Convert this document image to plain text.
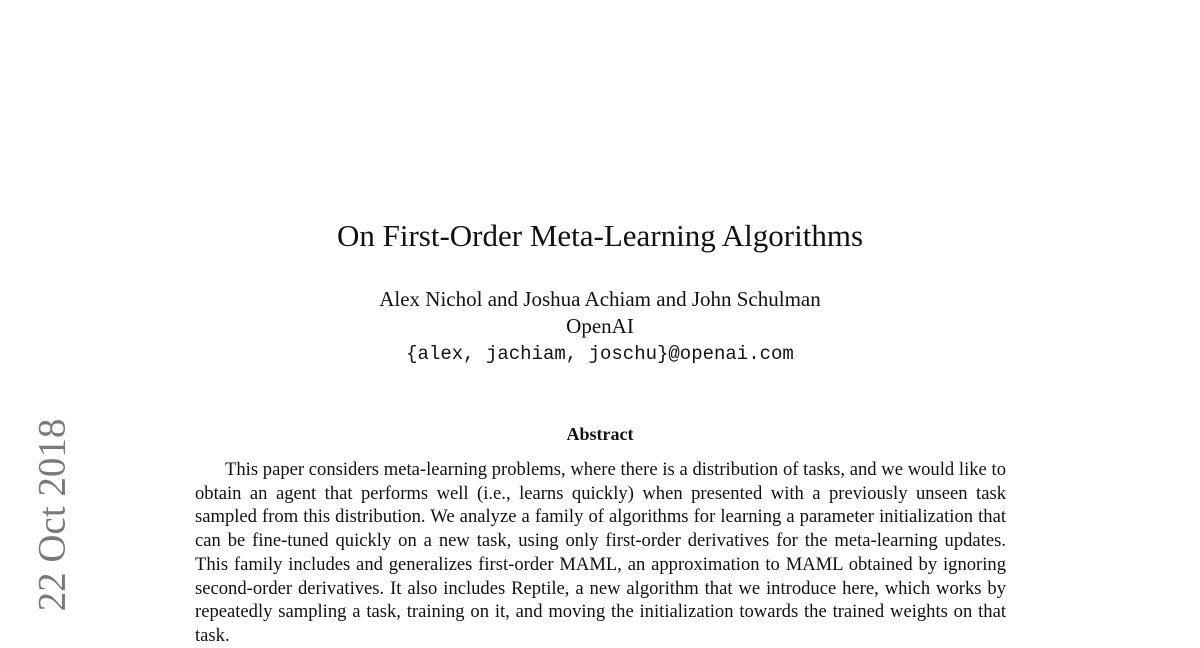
22 Oct 2018
On First-Order Meta-Learning Algorithms
Alex Nichol and Joshua Achiam and John Schulman
OpenAI
{alex, jachiam, joschu}@openai.com
Abstract

This paper considers meta-learning problems, where there is a distribution of tasks, and we would like to obtain an agent that performs well (i.e., learns quickly) when presented with a previously unseen task sampled from this distribution. We analyze a family of algorithms for learning a parameter initialization that can be fine-tuned quickly on a new task, using only first-order derivatives for the meta-learning updates. This family includes and generalizes first-order MAML, an approximation to MAML obtained by ignoring second-order derivatives. It also includes Reptile, a new algorithm that we introduce here, which works by repeatedly sampling a task, training on it, and moving the initialization towards the trained weights on that task.
